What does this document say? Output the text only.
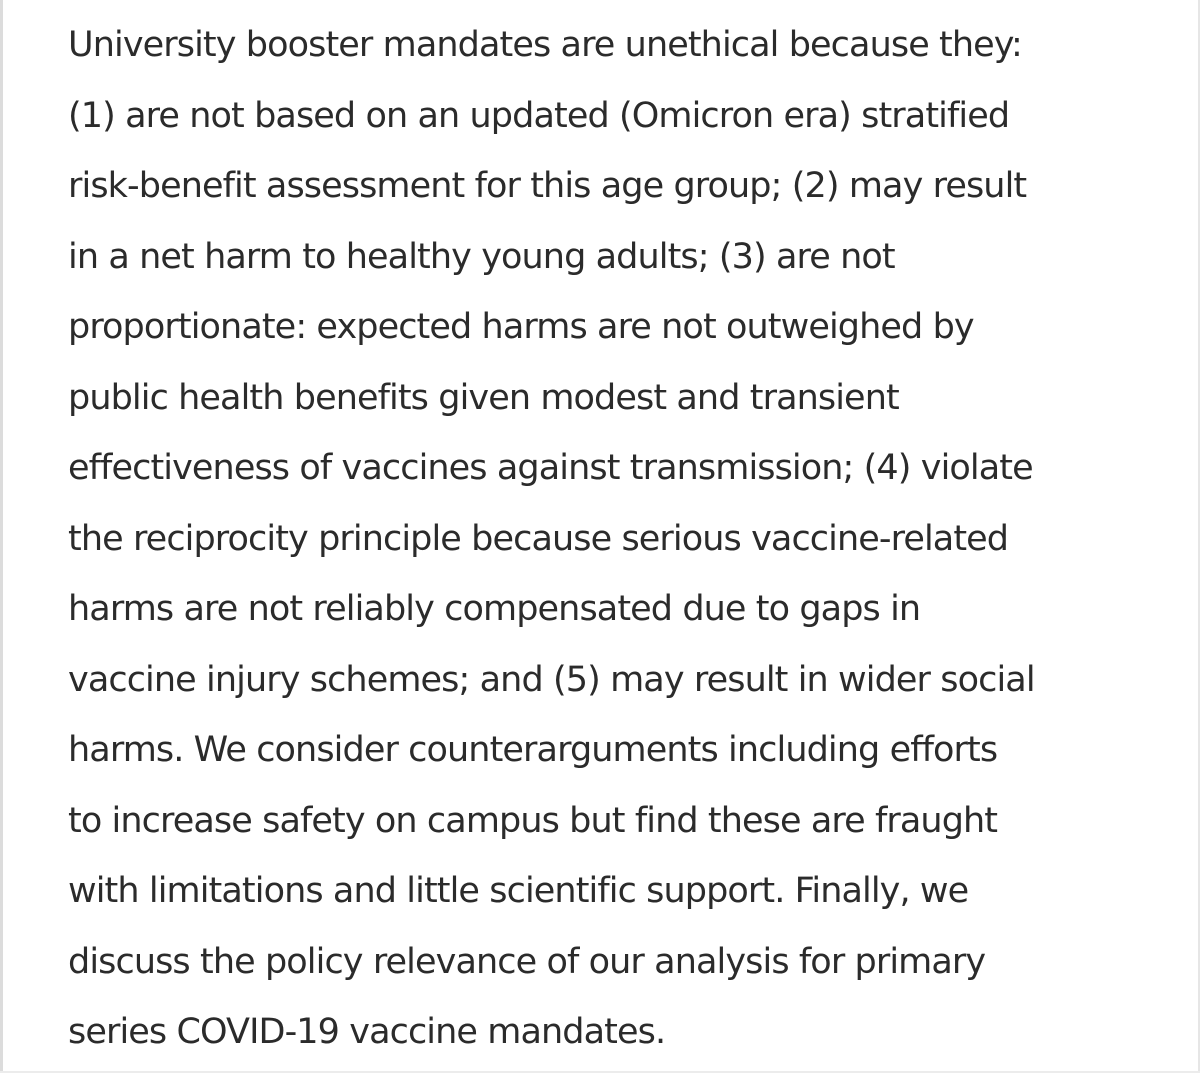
University booster mandates are unethical because they:
(1) are not based on an updated (Omicron era) stratified
risk-benefit assessment for this age group; (2) may result
in a net harm to healthy young adults; (3) are not
proportionate: expected harms are not outweighed by
public health benefits given modest and transient
effectiveness of vaccines against transmission; (4) violate
the reciprocity principle because serious vaccine-related
harms are not reliably compensated due to gaps in
vaccine injury schemes; and (5) may result in wider social
harms. We consider counterarguments including efforts
to increase safety on campus but find these are fraught
with limitations and little scientific support. Finally, we
discuss the policy relevance of our analysis for primary
series COVID-19 vaccine mandates.
